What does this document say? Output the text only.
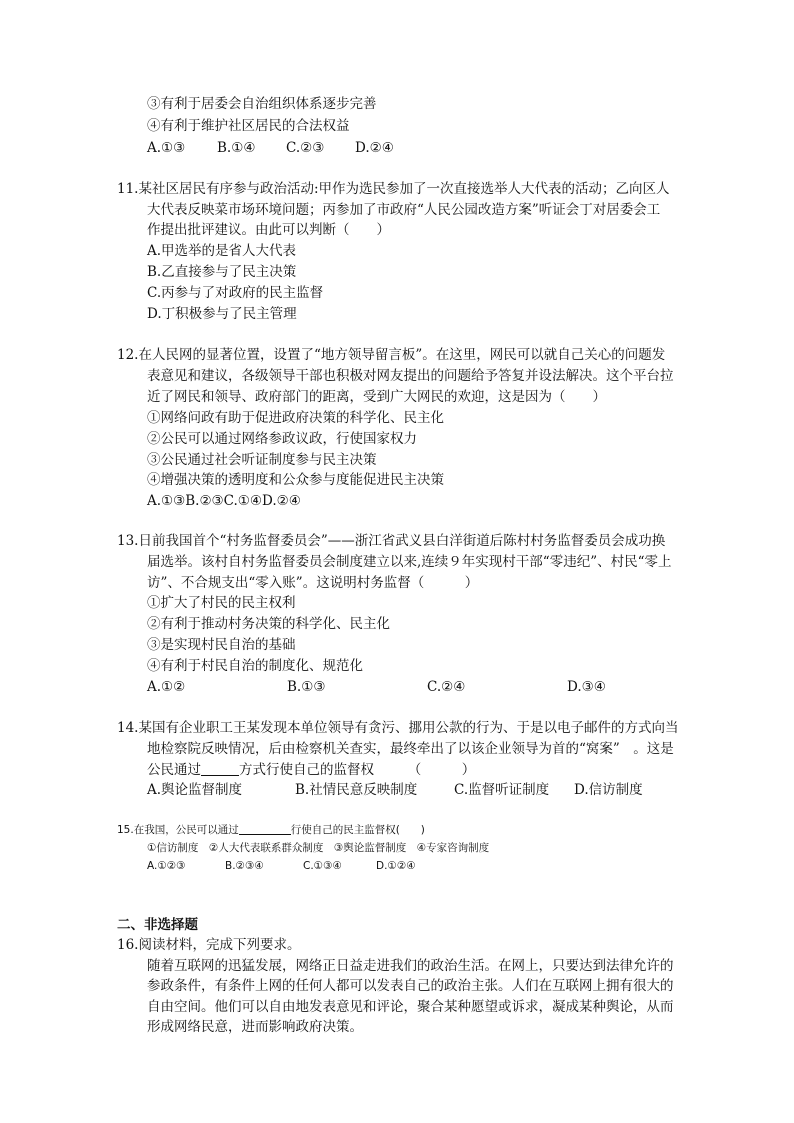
③有利于居委会自治组织体系逐步完善
④有利于维护社区居民的合法权益
A.①③ B.①④ C.②③ D.②④
11.某社区居民有序参与政治活动:甲作为选民参加了一次直接选举人大代表的活动；乙向区人
大代表反映菜市场环境问题；丙参加了市政府“人民公园改造方案”听证会丁对居委会工
作提出批评建议。由此可以判断（　　）
A.甲选举的是省人大代表
B.乙直接参与了民主决策
C.丙参与了对政府的民主监督
D.丁积极参与了民主管理
12.在人民网的显著位置，设置了“地方领导留言板”。在这里，网民可以就自己关心的问题发
表意见和建议，各级领导干部也积极对网友提出的问题给予答复并设法解决。这个平台拉
近了网民和领导、政府部门的距离，受到广大网民的欢迎，这是因为（　　）
①网络问政有助于促进政府决策的科学化、民主化
②公民可以通过网络参政议政，行使国家权力
③公民通过社会听证制度参与民主决策
④增强决策的透明度和公众参与度能促进民主决策
A.①③B.②③C.①④D.②④
13.日前我国首个“村务监督委员会”——浙江省武义县白洋街道后陈村村务监督委员会成功换
届选举。该村自村务监督委员会制度建立以来,连续９年实现村干部“零违纪”、村民“零上
访”、不合规支出“零入账”。这说明村务监督（　　　）
①扩大了村民的民主权利
②有利于推动村务决策的科学化、民主化
③是实现村民自治的基础
④有利于村民自治的制度化、规范化
A.①②	B.①③	C.②④	D.③④
14.某国有企业职工王某发现本单位领导有贪污、挪用公款的行为、于是以电子邮件的方式向当
地检察院反映情况，后由检察机关查实，最终牵出了以该企业领导为首的“窝案”　。这是
公民通过	方式行使自己的监督权　　　（　　　）
A.舆论监督制度	B.社情民意反映制度	C.监督听证制度 D.信访制度
15.在我国，公民可以通过	行使自己的民主监督权(　　)
①信访制度　②人大代表联系群众制度　③舆论监督制度　④专家咨询制度
A.①②③	B.②③④	C.①③④	D.①②④
二、非选择题
16.阅读材料，完成下列要求。
随着互联网的迅猛发展，网络正日益走进我们的政治生活。在网上，只要达到法律允许的
参政条件，有条件上网的任何人都可以发表自己的政治主张。人们在互联网上拥有很大的
自由空间。他们可以自由地发表意见和评论，聚合某种愿望或诉求，凝成某种舆论，从而
形成网络民意，进而影响政府决策。
